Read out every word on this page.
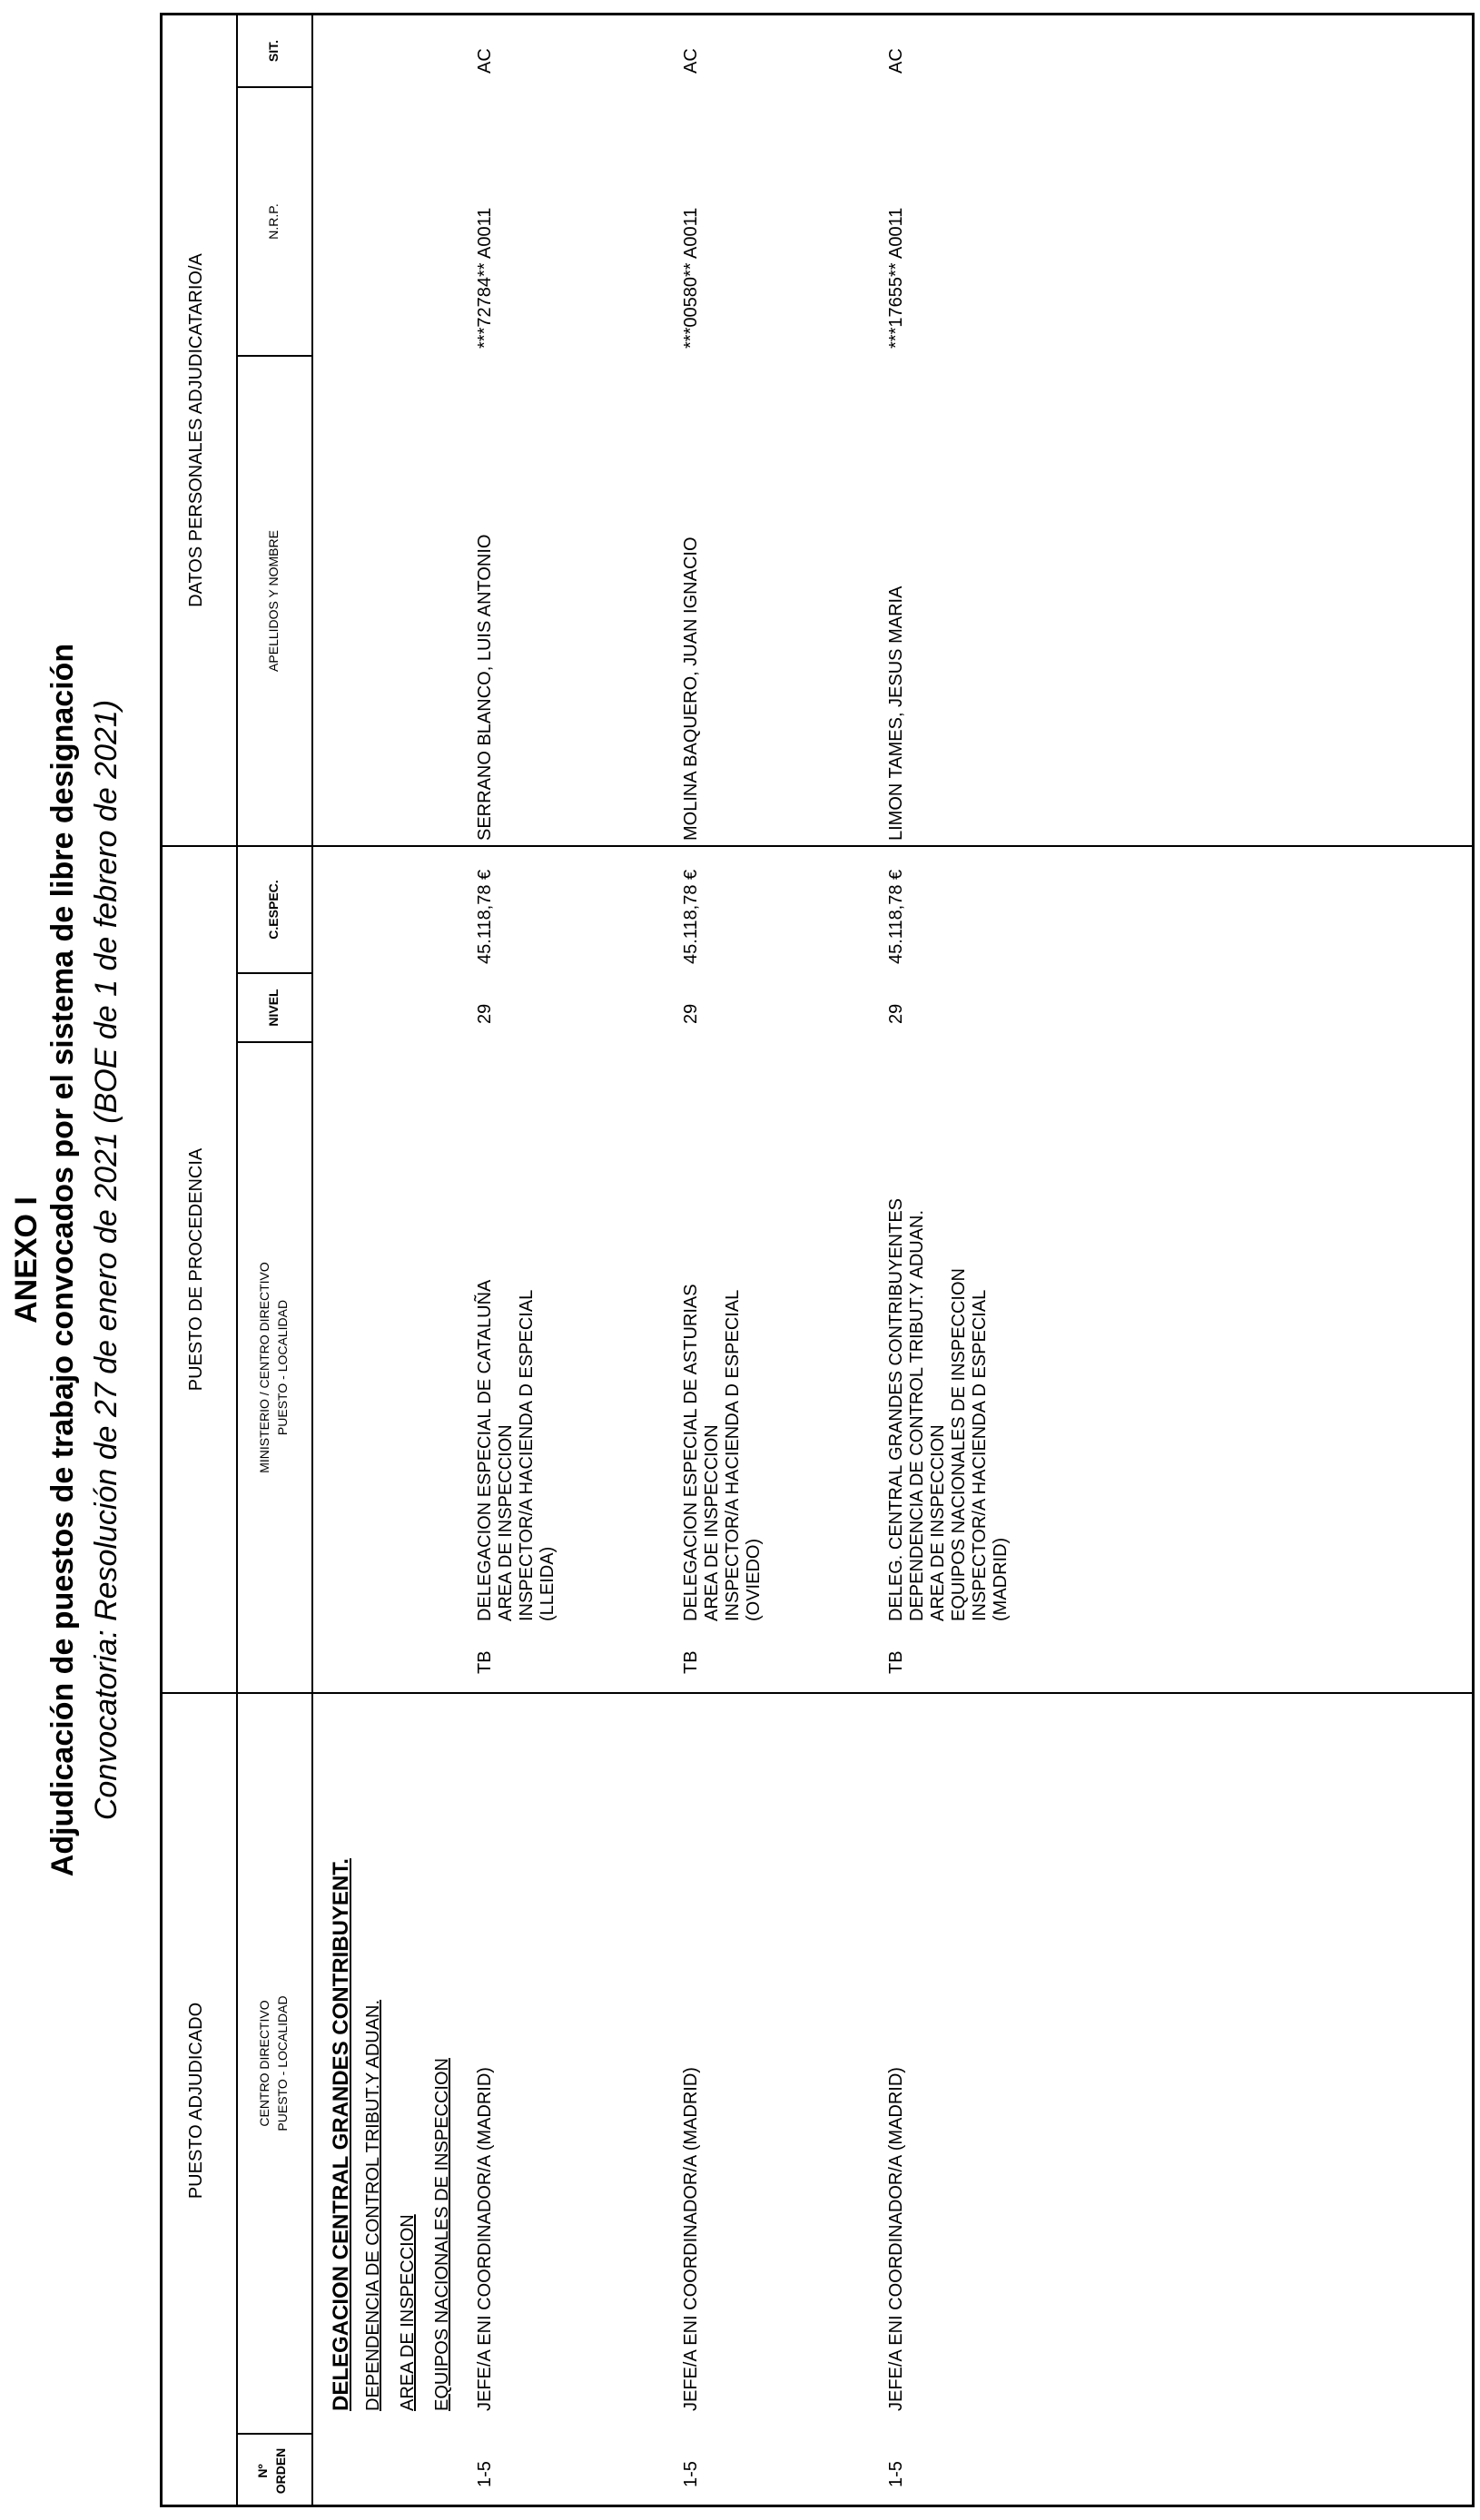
ANEXO I Adjudicación de puestos de trabajo convocados por el sistema de libre designación Convocatoria: Resolución de 27 de enero de 2021 (BOE de 1 de febrero de 2021)
PUESTO ADJUDICADO
PUESTO DE PROCEDENCIA
DATOS PERSONALES ADJUDICATARIO/A
Nº ORDEN
CENTRO DIRECTIVO PUESTO - LOCALIDAD
MINISTERIO / CENTRO DIRECTIVO PUESTO - LOCALIDAD
NIVEL
C.ESPEC.
APELLIDOS Y NOMBRE
N.R.P.
SIT.
DELEGACION CENTRAL GRANDES CONTRIBUYENT. DEPENDENCIA DE CONTROL TRIBUT.Y ADUAN. AREA DE INSPECCION EQUIPOS NACIONALES DE INSPECCION
1-5
JEFE/A ENI COORDINADOR/A (MADRID)
TB
DELEGACION ESPECIAL DE CATALUÑA AREA DE INSPECCION INSPECTOR/A HACIENDA D ESPECIAL (LLEIDA)
29
45.118,78 €
SERRANO BLANCO, LUIS ANTONIO
***72784** A0011
AC
1-5
JEFE/A ENI COORDINADOR/A (MADRID)
TB
DELEGACION ESPECIAL DE ASTURIAS AREA DE INSPECCION INSPECTOR/A HACIENDA D ESPECIAL (OVIEDO)
29
45.118,78 €
MOLINA BAQUERO, JUAN IGNACIO
***00580** A0011
AC
1-5
JEFE/A ENI COORDINADOR/A (MADRID)
TB
DELEG. CENTRAL GRANDES CONTRIBUYENTES DEPENDENCIA DE CONTROL TRIBUT.Y ADUAN. AREA DE INSPECCION EQUIPOS NACIONALES DE INSPECCION INSPECTOR/A HACIENDA D ESPECIAL (MADRID)
29
45.118,78 €
LIMON TAMES, JESUS MARIA
***17655** A0011
AC
